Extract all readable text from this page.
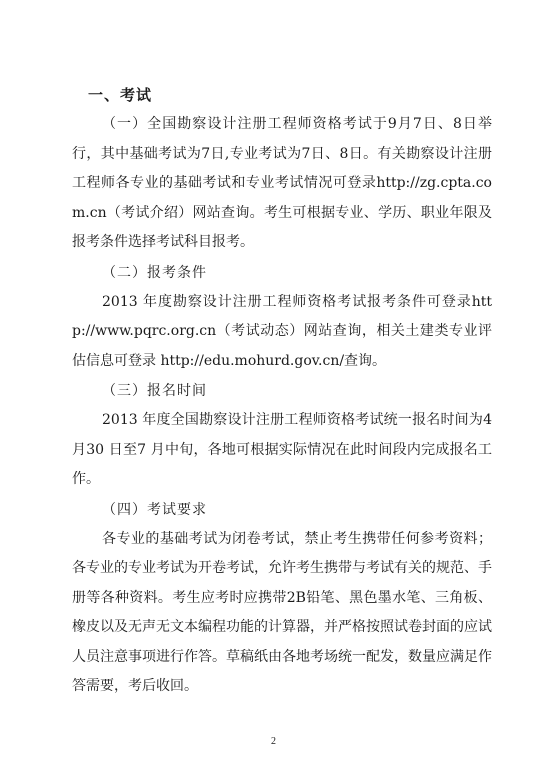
一、考试

（一）全国勘察设计注册工程师资格考试于9月7日、8日举行，其中基础考试为7日,专业考试为7日、8日。有关勘察设计注册工程师各专业的基础考试和专业考试情况可登录http://zg.cpta.com.cn（考试介绍）网站查询。考生可根据专业、学历、职业年限及报考条件选择考试科目报考。

（二）报考条件

2013 年度勘察设计注册工程师资格考试报考条件可登录http://www.pqrc.org.cn（考试动态）网站查询，相关土建类专业评估信息可登录 http://edu.mohurd.gov.cn/查询。

（三）报名时间

2013 年度全国勘察设计注册工程师资格考试统一报名时间为4 月30 日至7 月中旬，各地可根据实际情况在此时间段内完成报名工作。

（四）考试要求

各专业的基础考试为闭卷考试，禁止考生携带任何参考资料；各专业的专业考试为开卷考试，允许考生携带与考试有关的规范、手册等各种资料。考生应考时应携带2B铅笔、黑色墨水笔、三角板、橡皮以及无声无文本编程功能的计算器，并严格按照试卷封面的应试人员注意事项进行作答。草稿纸由各地考场统一配发，数量应满足作答需要，考后收回。

2
